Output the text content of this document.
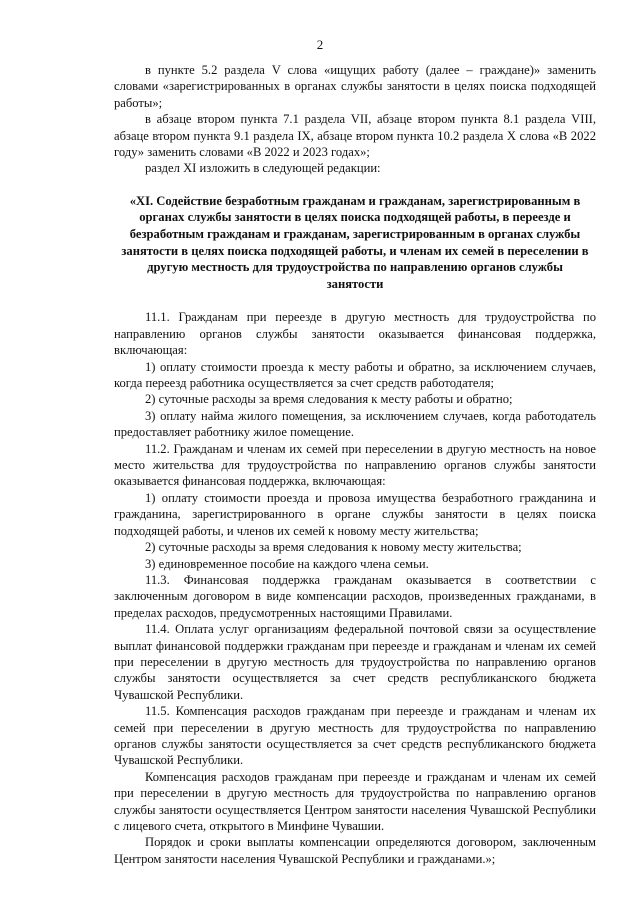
2

в пункте 5.2 раздела V слова «ищущих работу (далее – граждане)» заменить словами «зарегистрированных в органах службы занятости в целях поиска подходящей работы»;

в абзаце втором пункта 7.1 раздела VII, абзаце втором пункта 8.1 раздела VIII, абзаце втором пункта 9.1 раздела IX, абзаце втором пункта 10.2 раздела X слова «В 2022 году» заменить словами «В 2022 и 2023 годах»;

раздел XI изложить в следующей редакции:

«XI. Содействие безработным гражданам и гражданам, зарегистрированным в органах службы занятости в целях поиска подходящей работы, в переезде и безработным гражданам и гражданам, зарегистрированным в органах службы занятости в целях поиска подходящей работы, и членам их семей в переселении в другую местность для трудоустройства по направлению органов службы занятости

11.1. Гражданам при переезде в другую местность для трудоустройства по направлению органов службы занятости оказывается финансовая поддержка, включающая:

1) оплату стоимости проезда к месту работы и обратно, за исключением случаев, когда переезд работника осуществляется за счет средств работодателя;

2) суточные расходы за время следования к месту работы и обратно;

3) оплату найма жилого помещения, за исключением случаев, когда работодатель предоставляет работнику жилое помещение.

11.2. Гражданам и членам их семей при переселении в другую местность на новое место жительства для трудоустройства по направлению органов службы занятости оказывается финансовая поддержка, включающая:

1) оплату стоимости проезда и провоза имущества безработного гражданина и гражданина, зарегистрированного в органе службы занятости в целях поиска подходящей работы, и членов их семей к новому месту жительства;

2) суточные расходы за время следования к новому месту жительства;

3) единовременное пособие на каждого члена семьи.

11.3. Финансовая поддержка гражданам оказывается в соответствии с заключенным договором в виде компенсации расходов, произведенных гражданами, в пределах расходов, предусмотренных настоящими Правилами.

11.4. Оплата услуг организациям федеральной почтовой связи за осуществление выплат финансовой поддержки гражданам при переезде и гражданам и членам их семей при переселении в другую местность для трудоустройства по направлению органов службы занятости осуществляется за счет средств республиканского бюджета Чувашской Республики.

11.5. Компенсация расходов гражданам при переезде и гражданам и членам их семей при переселении в другую местность для трудоустройства по направлению органов службы занятости осуществляется за счет средств республиканского бюджета Чувашской Республики.

Компенсация расходов гражданам при переезде и гражданам и членам их семей при переселении в другую местность для трудоустройства по направлению органов службы занятости осуществляется Центром занятости населения Чувашской Республики с лицевого счета, открытого в Минфине Чувашии.

Порядок и сроки выплаты компенсации определяются договором, заключенным Центром занятости населения Чувашской Республики и гражданами.»;
